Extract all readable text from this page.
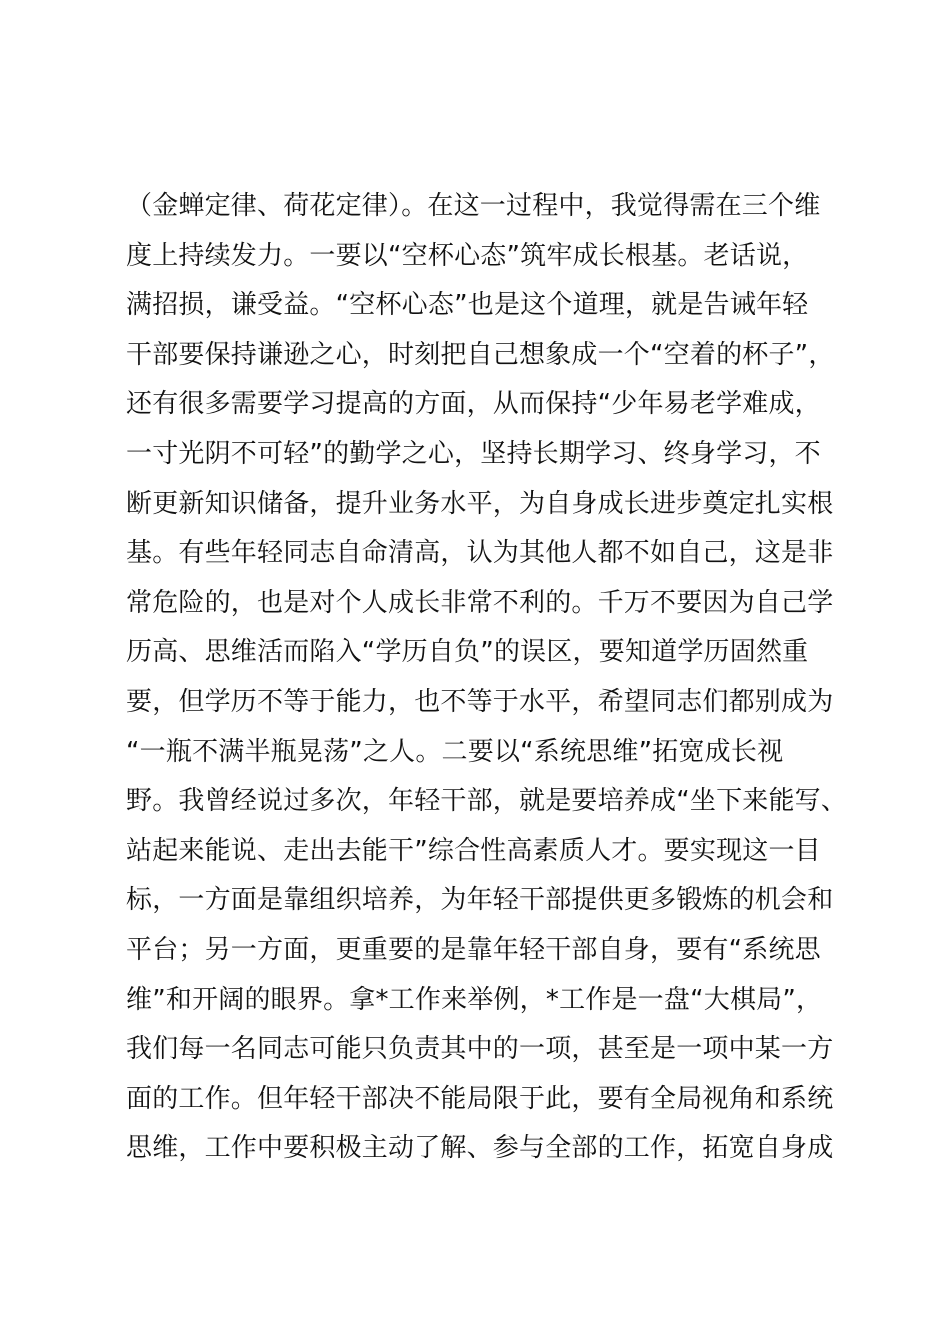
（金蝉定律、荷花定律）。在这一过程中，我觉得需在三个维
度上持续发力。一要以“空杯心态”筑牢成长根基。老话说，
满招损，谦受益。“空杯心态”也是这个道理，就是告诫年轻
干部要保持谦逊之心，时刻把自己想象成一个“空着的杯子”，
还有很多需要学习提高的方面，从而保持“少年易老学难成，
一寸光阴不可轻”的勤学之心，坚持长期学习、终身学习，不
断更新知识储备，提升业务水平，为自身成长进步奠定扎实根
基。有些年轻同志自命清高，认为其他人都不如自己，这是非
常危险的，也是对个人成长非常不利的。千万不要因为自己学
历高、思维活而陷入“学历自负”的误区，要知道学历固然重
要，但学历不等于能力，也不等于水平，希望同志们都别成为
“一瓶不满半瓶晃荡”之人。二要以“系统思维”拓宽成长视
野。我曾经说过多次，年轻干部，就是要培养成“坐下来能写、
站起来能说、走出去能干”综合性高素质人才。要实现这一目
标，一方面是靠组织培养，为年轻干部提供更多锻炼的机会和
平台；另一方面，更重要的是靠年轻干部自身，要有“系统思
维”和开阔的眼界。拿*工作来举例，*工作是一盘“大棋局”，
我们每一名同志可能只负责其中的一项，甚至是一项中某一方
面的工作。但年轻干部决不能局限于此，要有全局视角和系统
思维，工作中要积极主动了解、参与全部的工作，拓宽自身成
